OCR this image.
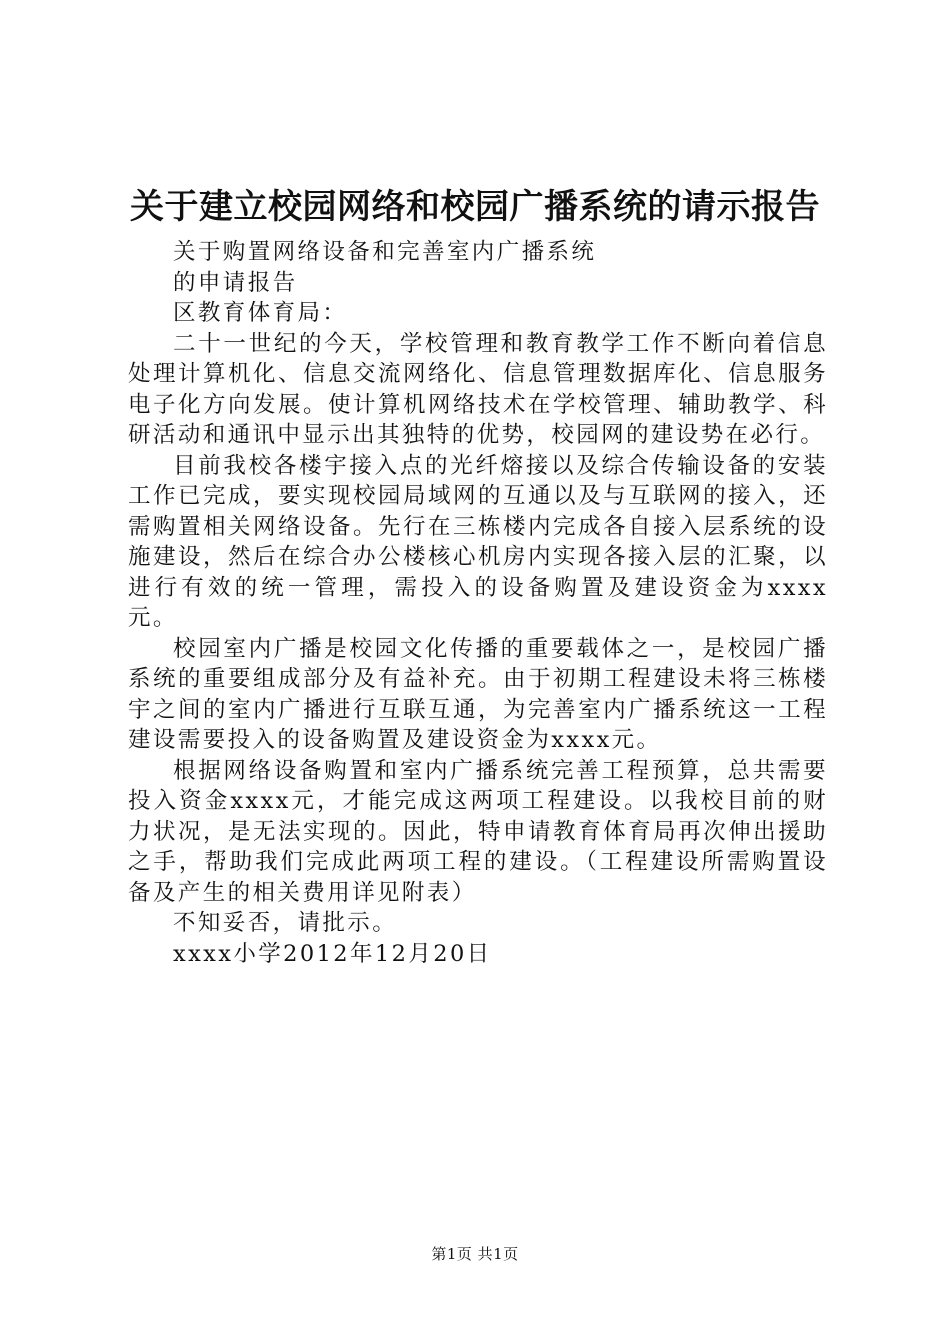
关于建立校园网络和校园广播系统的请示报告

关于购置网络设备和完善室内广播系统

的申请报告

区教育体育局：

二十一世纪的今天，学校管理和教育教学工作不断向着信息处理计算机化、信息交流网络化、信息管理数据库化、信息服务电子化方向发展。使计算机网络技术在学校管理、辅助教学、科研活动和通讯中显示出其独特的优势，校园网的建设势在必行。

目前我校各楼宇接入点的光纤熔接以及综合传输设备的安装工作已完成，要实现校园局域网的互通以及与互联网的接入，还需购置相关网络设备。先行在三栋楼内完成各自接入层系统的设施建设，然后在综合办公楼核心机房内实现各接入层的汇聚，以进行有效的统一管理，需投入的设备购置及建设资金为xxxx元。

校园室内广播是校园文化传播的重要载体之一，是校园广播系统的重要组成部分及有益补充。由于初期工程建设未将三栋楼宇之间的室内广播进行互联互通，为完善室内广播系统这一工程建设需要投入的设备购置及建设资金为xxxx元。

根据网络设备购置和室内广播系统完善工程预算，总共需要投入资金xxxx元，才能完成这两项工程建设。以我校目前的财力状况，是无法实现的。因此，特申请教育体育局再次伸出援助之手，帮助我们完成此两项工程的建设。（工程建设所需购置设备及产生的相关费用详见附表）

不知妥否，请批示。

xxxx小学2012年12月20日

第1页 共1页
